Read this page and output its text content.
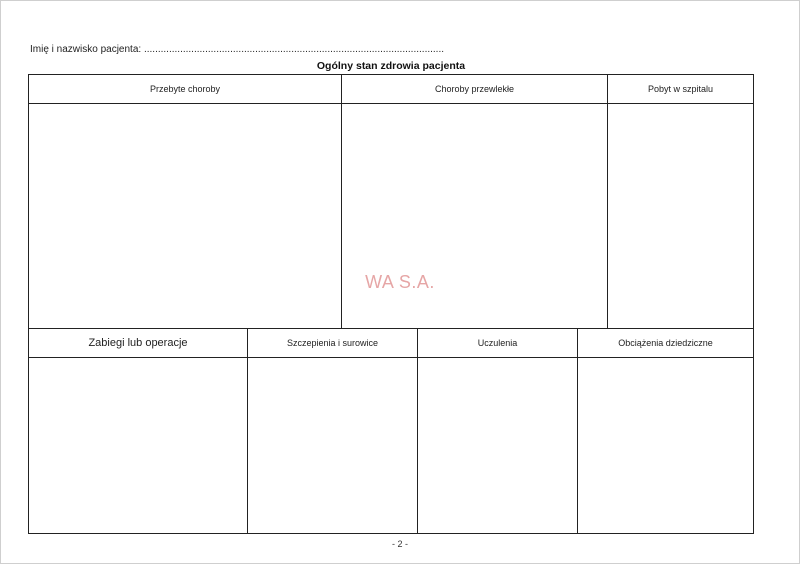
Imię i nazwisko pacjenta: ............................................................................................................
Ogólny stan zdrowia pacjenta
Przebyte choroby	Choroby przewlekłe	Pobyt w szpitalu
Zabiegi lub operacje	Szczepienia i surowice	Uczulenia	Obciążenia dziedziczne
WA S.A.
- 2 -
